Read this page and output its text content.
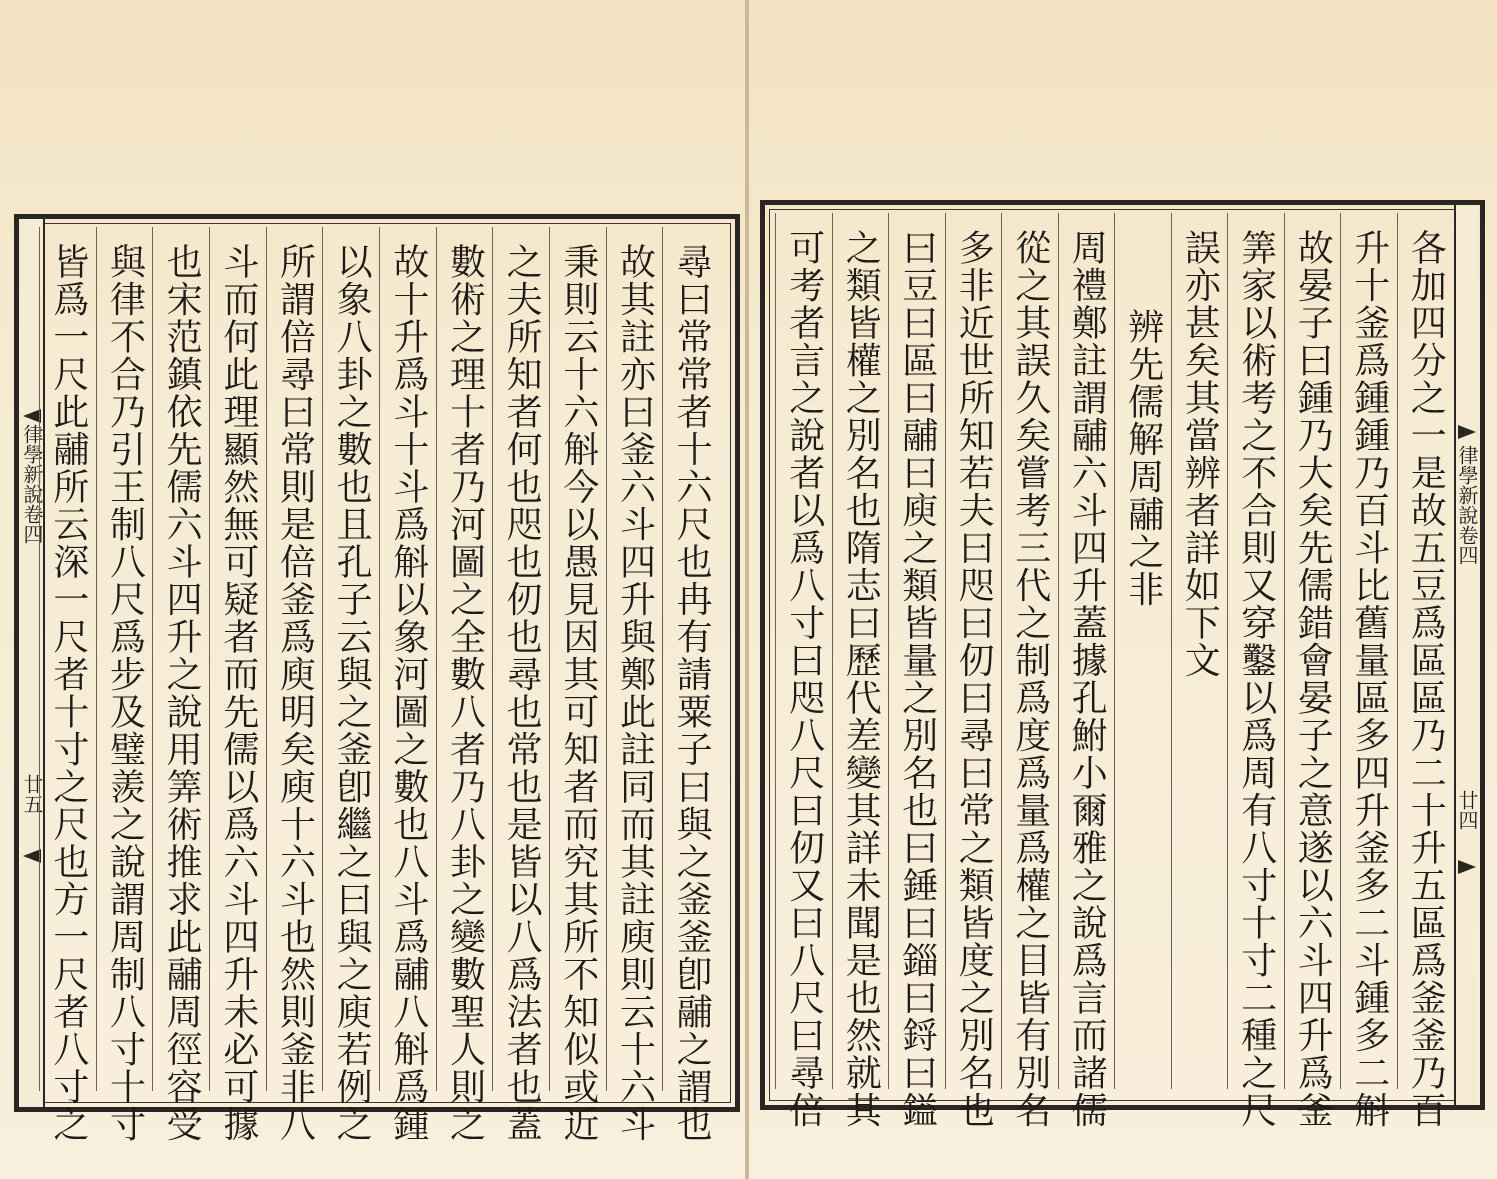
律學新說卷四
廿五 皆爲一尺此鬴所云深一尺者十寸之尺也方一尺者八寸之 與律不合乃引王制八尺爲步及璧羨之說謂周制八寸十寸 也宋范鎮依先儒六斗四升之說用筭術推求此鬴周徑容受 斗而何此理顯然無可疑者而先儒以爲六斗四升未必可據 所謂倍尋曰常則是倍釜爲庾明矣庾十六斗也然則釜非八 以象八卦之數也且孔子云與之釜卽繼之曰與之庾若例之 故十升爲斗十斗爲斛以象河圖之數也八斗爲鬴八斛爲鍾 數術之理十者乃河圖之全數八者乃八卦之變數聖人則之 之夫所知者何也咫也仞也尋也常也是皆以八爲法者也蓋 秉則云十六斛今以愚見因其可知者而究其所不知似或近 故其註亦曰釜六斗四升與鄭此註同而其註庾則云十六斗 尋曰常常者十六尺也冉有請粟子曰與之釜釜卽鬴之謂也	律學新說卷四
廿四
可考者言之說者以爲八寸曰咫八尺曰仞又曰八尺曰尋倍 之類皆權之別名也隋志曰歷代差變其詳未聞是也然就其 曰豆曰區曰鬴曰庾之類皆量之別名也曰錘曰錙曰鋝曰鎰 多非近世所知若夫曰咫曰仞曰尋曰常之類皆度之別名也 從之其誤久矣嘗考三代之制爲度爲量爲權之目皆有別名 周禮鄭註謂鬴六斗四升蓋據孔鮒小爾雅之說爲言而諸儒 辨先儒解周鬴之非 誤亦甚矣其當辨者詳如下文 筭家以術考之不合則又穿鑿以爲周有八寸十寸二種之尺 故晏子曰鍾乃大矣先儒錯會晏子之意遂以六斗四升爲釜 升十釜爲鍾鍾乃百斗比舊量區多四升釜多二斗鍾多二斛 各加四分之一是故五豆爲區區乃二十升五區爲釜釜乃百
